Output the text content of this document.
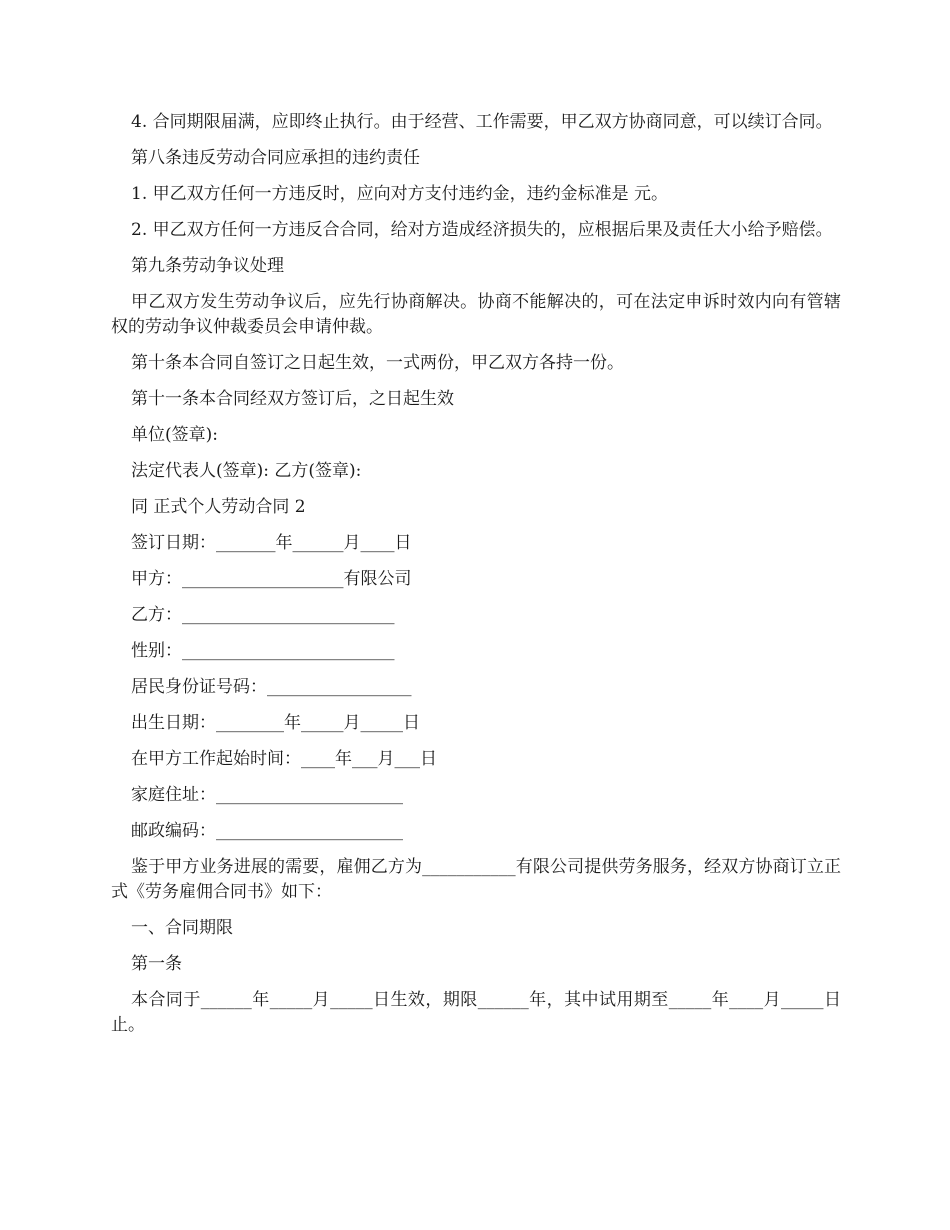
4. 合同期限届满，应即终止执行。由于经营、工作需要，甲乙双方协商同意，可以续订合同。

第八条违反劳动合同应承担的违约责任

1. 甲乙双方任何一方违反时，应向对方支付违约金，违约金标准是 元。

2. 甲乙双方任何一方违反合合同，给对方造成经济损失的，应根据后果及责任大小给予赔偿。

第九条劳动争议处理

甲乙双方发生劳动争议后，应先行协商解决。协商不能解决的，可在法定申诉时效内向有管辖权的劳动争议仲裁委员会申请仲裁。

第十条本合同自签订之日起生效，一式两份，甲乙双方各持一份。

第十一条本合同经双方签订后，之日起生效

单位(签章):

法定代表人(签章): 乙方(签章):

同 正式个人劳动合同 2

签订日期：_______年______月____日

甲方：___________________有限公司

乙方：_________________________

性别：_________________________

居民身份证号码：_________________

出生日期：________年_____月_____日

在甲方工作起始时间：____年___月___日

家庭住址：______________________

邮政编码：______________________

鉴于甲方业务进展的需要，雇佣乙方为___________有限公司提供劳务服务，经双方协商订立正式《劳务雇佣合同书》如下：

一、合同期限

第一条

本合同于______年_____月_____日生效，期限______年，其中试用期至_____年____月_____日止。
